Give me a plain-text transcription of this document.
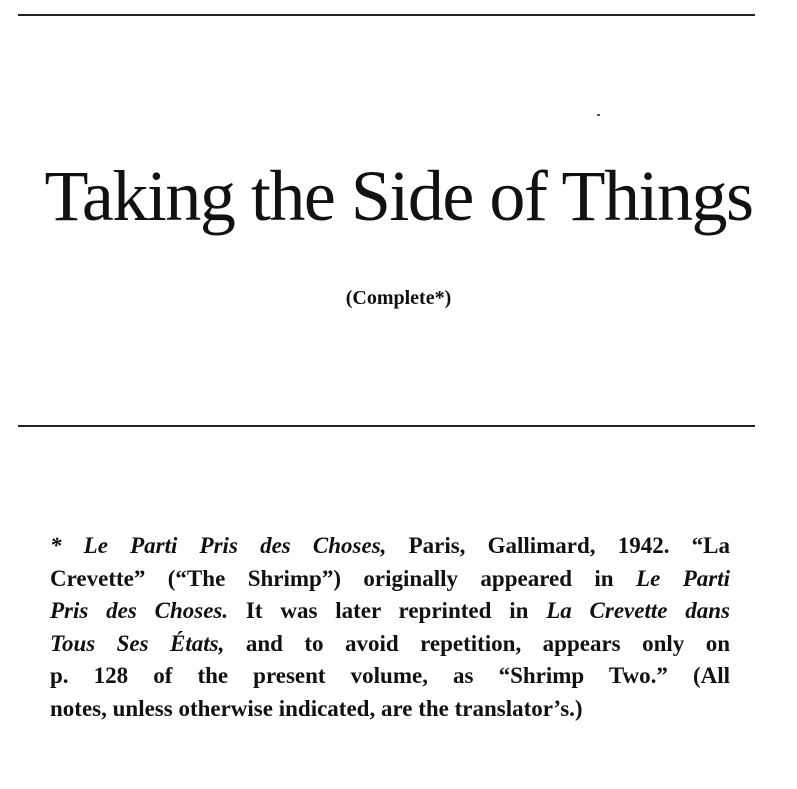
Taking the Side of Things
(Complete*)
* Le Parti Pris des Choses, Paris, Gallimard, 1942. “La
Crevette” (“The Shrimp”) originally appeared in Le Parti
Pris des Choses. It was later reprinted in La Crevette dans
Tous Ses États, and to avoid repetition, appears only on
p. 128 of the present volume, as “Shrimp Two.” (All
notes, unless otherwise indicated, are the translator’s.)
